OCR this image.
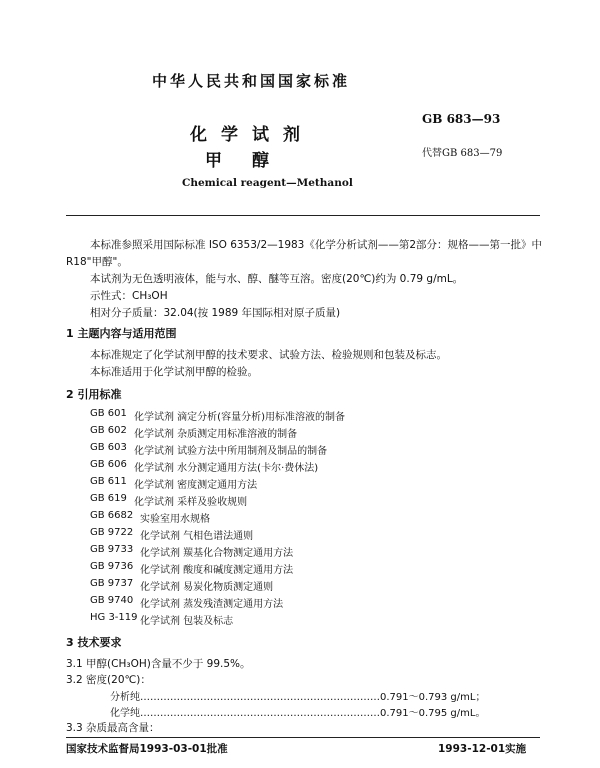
中华人民共和国国家标准
GB 683—93
代替GB 683—79
化学试剂
甲醇
Chemical reagent—Methanol
本标准参照采用国际标准 ISO 6353/2—1983《化学分析试剂——第2部分：规格——第一批》中
R18"甲醇"。
本试剂为无色透明液体，能与水、醇、醚等互溶。密度(20℃)约为 0.79 g/mL。
示性式：CH₃OH
相对分子质量：32.04(按 1989 年国际相对原子质量)
1 主题内容与适用范围
本标准规定了化学试剂甲醇的技术要求、试验方法、检验规则和包装及标志。
本标准适用于化学试剂甲醇的检验。
2 引用标准
GB 601 化学试剂 滴定分析(容量分析)用标准溶液的制备
GB 602 化学试剂 杂质测定用标准溶液的制备
GB 603 化学试剂 试验方法中所用制剂及制品的制备
GB 606 化学试剂 水分测定通用方法(卡尔·费休法)
GB 611 化学试剂 密度测定通用方法
GB 619 化学试剂 采样及验收规则
GB 6682 实验室用水规格
GB 9722 化学试剂 气相色谱法通则
GB 9733 化学试剂 羰基化合物测定通用方法
GB 9736 化学试剂 酸度和碱度测定通用方法
GB 9737 化学试剂 易炭化物质测定通则
GB 9740 化学试剂 蒸发残渣测定通用方法
HG 3-119 化学试剂 包装及标志
3 技术要求
3.1 甲醇(CH₃OH)含量不少于 99.5%。
3.2 密度(20℃)：
分析纯………………………………………………………………0.791～0.793 g/mL；
化学纯………………………………………………………………0.791～0.795 g/mL。
3.3 杂质最高含量：
国家技术监督局1993-03-01批准	1993-12-01实施
